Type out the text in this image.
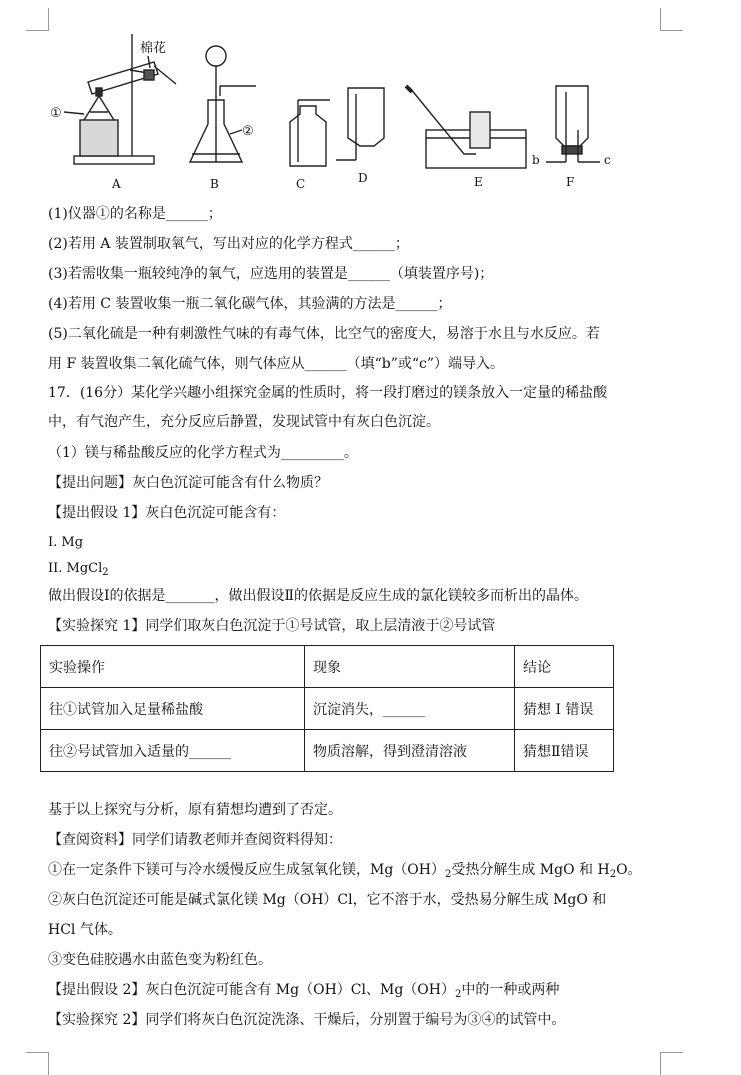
棉花
①
A
②
B	C	D	E
b	c
F
(1)仪器①的名称是______；
(2)若用 A 装置制取氧气，写出对应的化学方程式______；
(3)若需收集一瓶较纯净的氧气，应选用的装置是______（填装置序号)；
(4)若用 C 装置收集一瓶二氧化碳气体，其验满的方法是______；
(5)二氧化硫是一种有刺激性气味的有毒气体，比空气的密度大，易溶于水且与水反应。若
用 F 装置收集二氧化硫气体，则气体应从______（填“b”或“c”）端导入。
17．(16分）某化学兴趣小组探究金属的性质时，将一段打磨过的镁条放入一定量的稀盐酸
中，有气泡产生，充分反应后静置，发现试管中有灰白色沉淀。
（1）镁与稀盐酸反应的化学方程式为_________。
【提出问题】灰白色沉淀可能含有什么物质？
【提出假设 1】灰白色沉淀可能含有：
I. Mg
II. MgCl$_2$
做出假设Ⅰ的依据是_______，做出假设Ⅱ的依据是反应生成的氯化镁较多而析出的晶体。
【实验探究 1】同学们取灰白色沉淀于①号试管，取上层清液于②号试管
实验操作	现象	结论
往①试管加入足量稀盐酸	沉淀消失，______	猜想 I 错误
往②号试管加入适量的______	物质溶解，得到澄清溶液	猜想Ⅱ错误
基于以上探究与分析，原有猜想均遭到了否定。
【查阅资料】同学们请教老师并查阅资料得知：
①在一定条件下镁可与冷水缓慢反应生成氢氧化镁，$Mg(OH)_2$受热分解生成 MgO 和 $H_2O$。
②灰白色沉淀还可能是碱式氯化镁 Mg（OH）Cl，它不溶于水，受热易分解生成 MgO 和
HCl 气体。
③变色硅胶遇水由蓝色变为粉红色。
【提出假设 2】灰白色沉淀可能含有 Mg（OH）Cl、$Mg(OH)_2$中的一种或两种
【实验探究 2】同学们将灰白色沉淀洗涤、干燥后，分别置于编号为③④的试管中。
